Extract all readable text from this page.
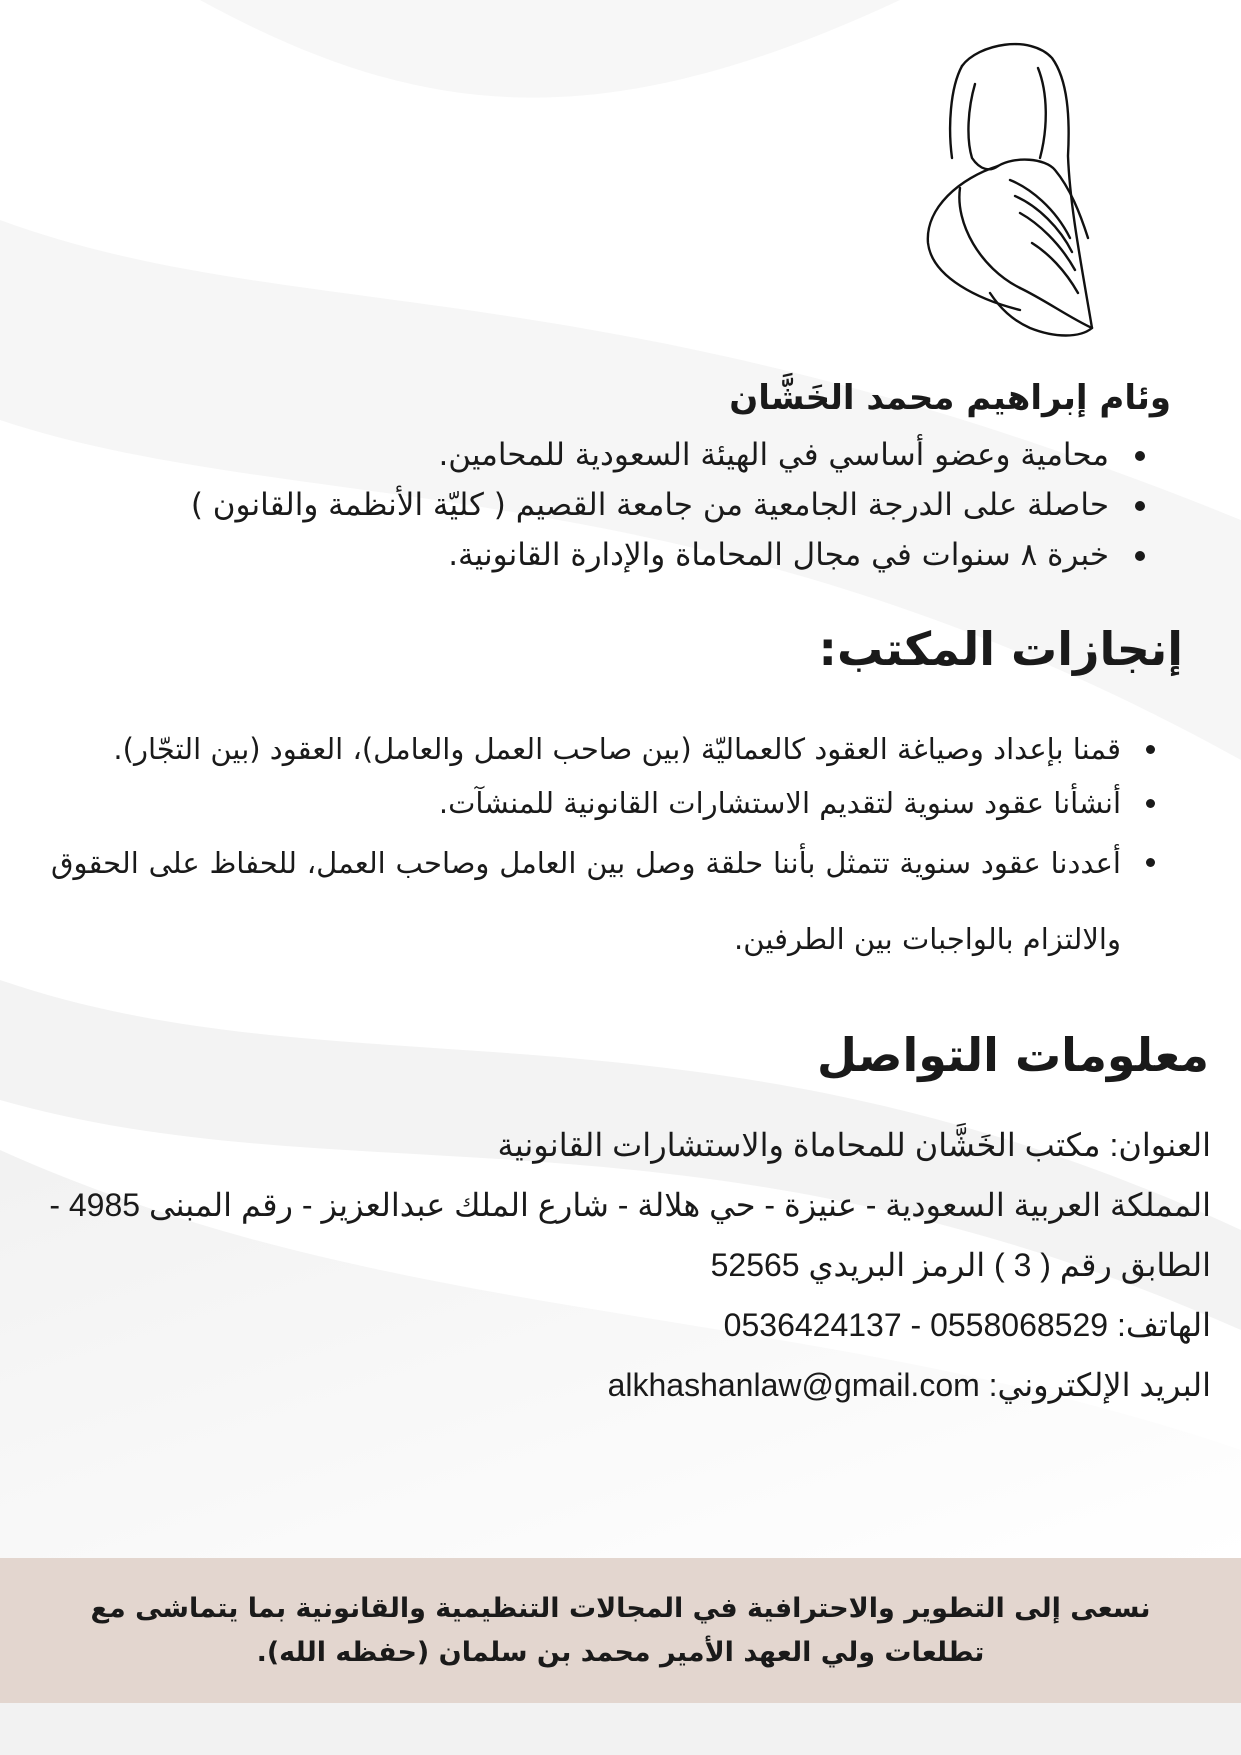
وئام إبراهيم محمد الخَشَّان
محامية وعضو أساسي في الهيئة السعودية للمحامين.
حاصلة على الدرجة الجامعية من جامعة القصيم ( كليّة الأنظمة والقانون )
خبرة ٨ سنوات في مجال المحاماة والإدارة القانونية.
إنجازات المكتب:
قمنا بإعداد وصياغة العقود كالعماليّة (بين صاحب العمل والعامل)، العقود (بين التجّار).
أنشأنا عقود سنوية لتقديم الاستشارات القانونية للمنشآت.
أعددنا عقود سنوية تتمثل بأننا حلقة وصل بين العامل وصاحب العمل، للحفاظ على الحقوق والالتزام بالواجبات بين الطرفين.
معلومات التواصل
العنوان: مكتب الخَشَّان للمحاماة والاستشارات القانونية
المملكة العربية السعودية - عنيزة - حي هلالة - شارع الملك عبدالعزيز - رقم المبنى 4985 -
الطابق رقم ( 3 ) الرمز البريدي 52565
الهاتف: 0536424137 - 0558068529
البريد الإلكتروني: alkhashanlaw@gmail.com

نسعى إلى التطوير والاحترافية في المجالات التنظيمية والقانونية بما يتماشى مع تطلعات ولي العهد الأمير محمد بن سلمان (حفظه الله).
